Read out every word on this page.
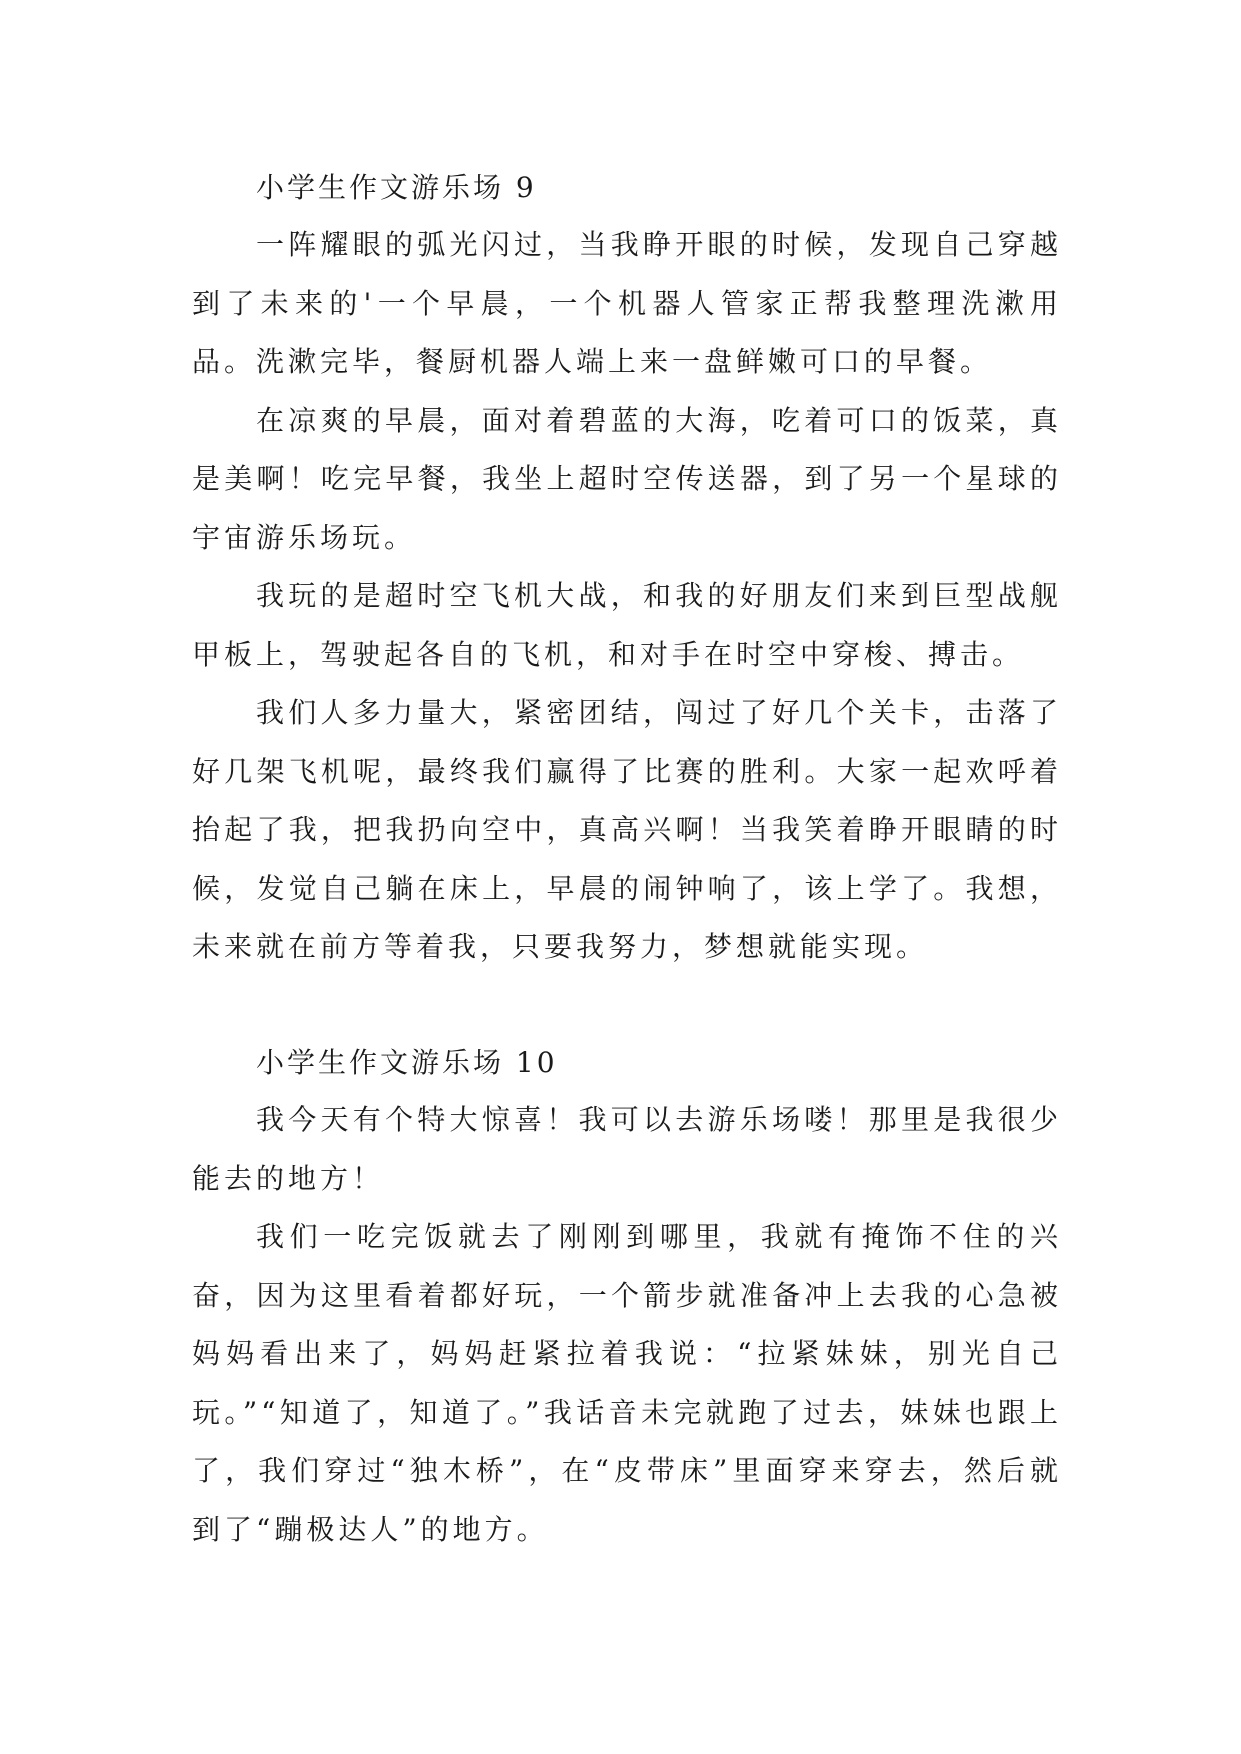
小学生作文游乐场 9

一阵耀眼的弧光闪过，当我睁开眼的时候，发现自己穿越到了未来的'一个早晨，一个机器人管家正帮我整理洗漱用品。洗漱完毕，餐厨机器人端上来一盘鲜嫩可口的早餐。

在凉爽的早晨，面对着碧蓝的大海，吃着可口的饭菜，真是美啊！吃完早餐，我坐上超时空传送器，到了另一个星球的宇宙游乐场玩。

我玩的是超时空飞机大战，和我的好朋友们来到巨型战舰甲板上，驾驶起各自的飞机，和对手在时空中穿梭、搏击。

我们人多力量大，紧密团结，闯过了好几个关卡，击落了好几架飞机呢，最终我们赢得了比赛的胜利。大家一起欢呼着抬起了我，把我扔向空中，真高兴啊！当我笑着睁开眼睛的时候，发觉自己躺在床上，早晨的闹钟响了，该上学了。我想，未来就在前方等着我，只要我努力，梦想就能实现。

小学生作文游乐场 10

我今天有个特大惊喜！我可以去游乐场喽！那里是我很少能去的地方！

我们一吃完饭就去了刚刚到哪里，我就有掩饰不住的兴奋，因为这里看着都好玩，一个箭步就准备冲上去我的心急被妈妈看出来了，妈妈赶紧拉着我说：“拉紧妹妹，别光自己玩。”“知道了，知道了。”我话音未完就跑了过去，妹妹也跟上了，我们穿过“独木桥”，在“皮带床”里面穿来穿去，然后就到了“蹦极达人”的地方。
